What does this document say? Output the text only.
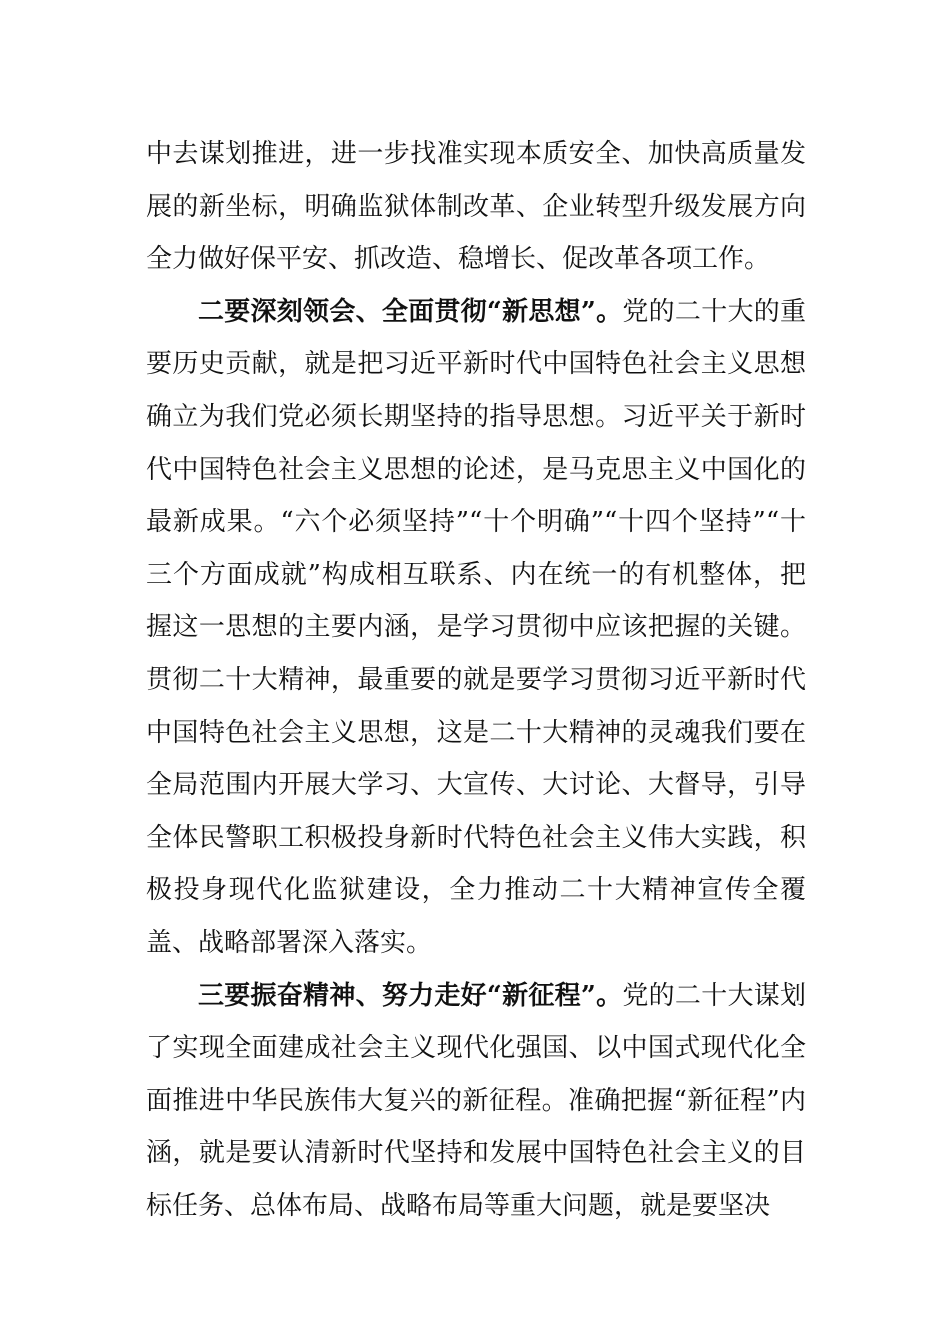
中去谋划推进，进一步找准实现本质安全、加快高质量发展的新坐标，明确监狱体制改革、企业转型升级发展方向全力做好保平安、抓改造、稳增长、促改革各项工作。

二要深刻领会、全面贯彻“新思想”。党的二十大的重要历史贡献，就是把习近平新时代中国特色社会主义思想确立为我们党必须长期坚持的指导思想。习近平关于新时代中国特色社会主义思想的论述，是马克思主义中国化的最新成果。“六个必须坚持”“十个明确”“十四个坚持”“十三个方面成就”构成相互联系、内在统一的有机整体，把握这一思想的主要内涵，是学习贯彻中应该把握的关键。贯彻二十大精神，最重要的就是要学习贯彻习近平新时代中国特色社会主义思想，这是二十大精神的灵魂我们要在全局范围内开展大学习、大宣传、大讨论、大督导，引导全体民警职工积极投身新时代特色社会主义伟大实践，积极投身现代化监狱建设，全力推动二十大精神宣传全覆盖、战略部署深入落实。

三要振奋精神、努力走好“新征程”。党的二十大谋划了实现全面建成社会主义现代化强国、以中国式现代化全面推进中华民族伟大复兴的新征程。准确把握“新征程”内涵，就是要认清新时代坚持和发展中国特色社会主义的目标任务、总体布局、战略布局等重大问题，就是要坚决
